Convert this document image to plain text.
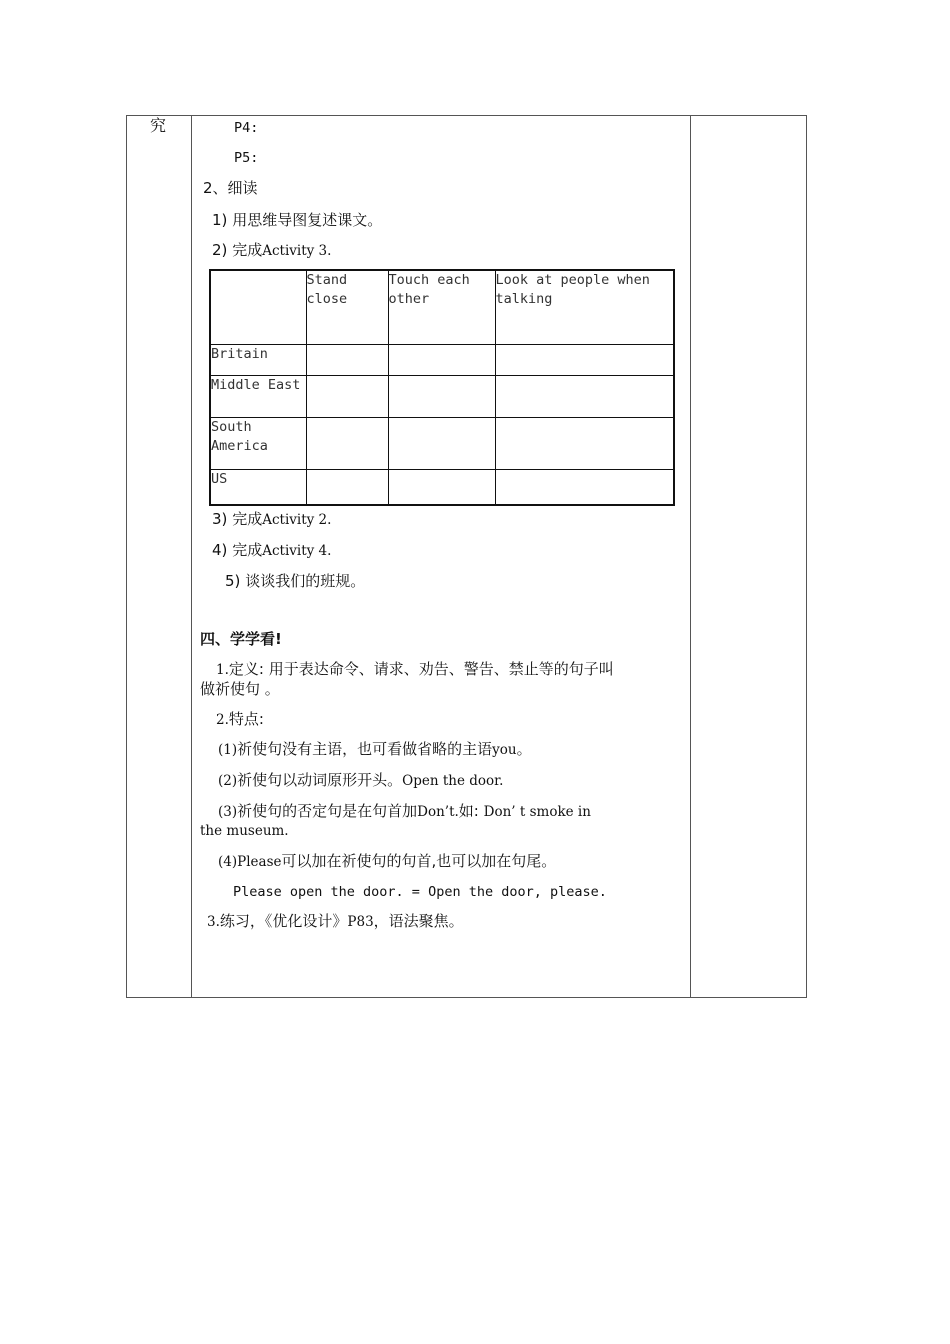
究	P4:
P5:
2、细读
1) 用思维导图复述课文。
2) 完成Activity 3.
	Stand close	Touch each other	Look at people when talking
Britain			
Middle East			
South America			
US			
3) 完成Activity 2.
4) 完成Activity 4.
5) 谈谈我们的班规。
四、学学看!
1.定义: 用于表达命令、请求、劝告、警告、禁止等的句子叫
做祈使句 。
2.特点:
(1)祈使句没有主语，也可看做省略的主语you。
(2)祈使句以动词原形开头。Open the door.
(3)祈使句的否定句是在句首加Don’t.如: Don’ t smoke in
the museum.
(4)Please可以加在祈使句的句首,也可以加在句尾。
Please open the door. = Open the door, please.
3.练习，《优化设计》P83，语法聚焦。
